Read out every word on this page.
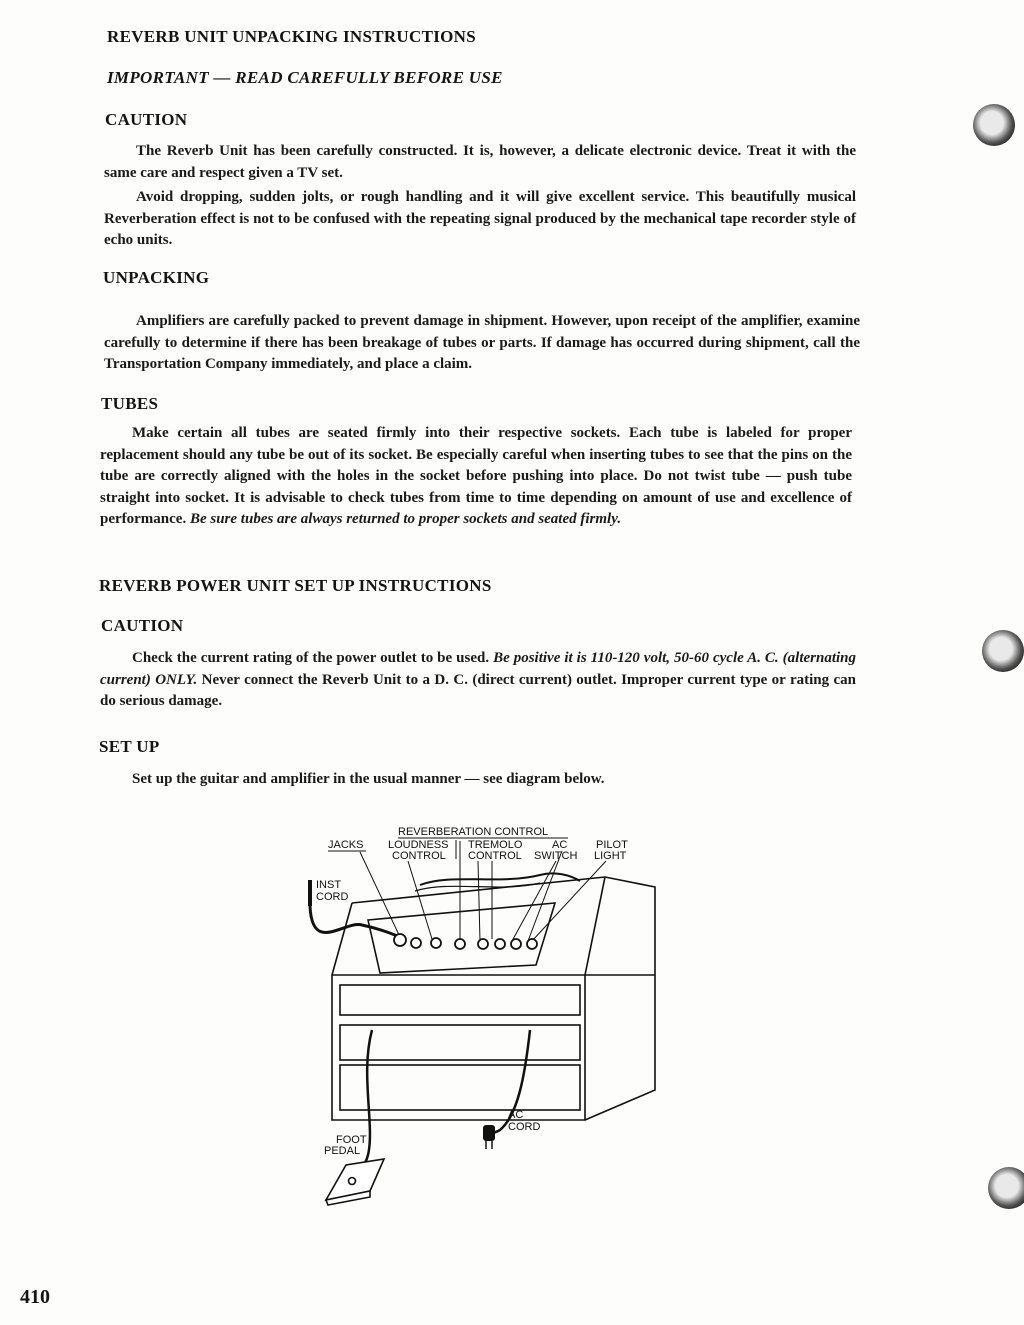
REVERB UNIT UNPACKING INSTRUCTIONS
IMPORTANT — READ CAREFULLY BEFORE USE
CAUTION
The Reverb Unit has been carefully constructed. It is, however, a delicate electronic device. Treat it with the same care and respect given a TV set.
Avoid dropping, sudden jolts, or rough handling and it will give excellent service. This beautifully musical Reverberation effect is not to be confused with the repeating signal produced by the mechanical tape recorder style of echo units.
UNPACKING
Amplifiers are carefully packed to prevent damage in shipment. However, upon receipt of the amplifier, examine carefully to determine if there has been breakage of tubes or parts. If damage has occurred during shipment, call the Transportation Company immediately, and place a claim.
TUBES
Make certain all tubes are seated firmly into their respective sockets. Each tube is labeled for proper replacement should any tube be out of its socket. Be especially careful when inserting tubes to see that the pins on the tube are correctly aligned with the holes in the socket before pushing into place. Do not twist tube — push tube straight into socket. It is advisable to check tubes from time to time depending on amount of use and excellence of performance. Be sure tubes are always returned to proper sockets and seated firmly.
REVERB POWER UNIT SET UP INSTRUCTIONS
CAUTION
Check the current rating of the power outlet to be used. Be positive it is 110-120 volt, 50-60 cycle A. C. (alternating current) ONLY. Never connect the Reverb Unit to a D. C. (direct current) outlet. Improper current type or rating can do serious damage.
SET UP
Set up the guitar and amplifier in the usual manner — see diagram below.
REVERBERATION CONTROL
JACKS LOUDNESS
CONTROL
TREMOLO
CONTROL
AC
SWITCH
PILOT
LIGHT
INST
CORD
AC
CORD
FOOT
PEDAL
410
